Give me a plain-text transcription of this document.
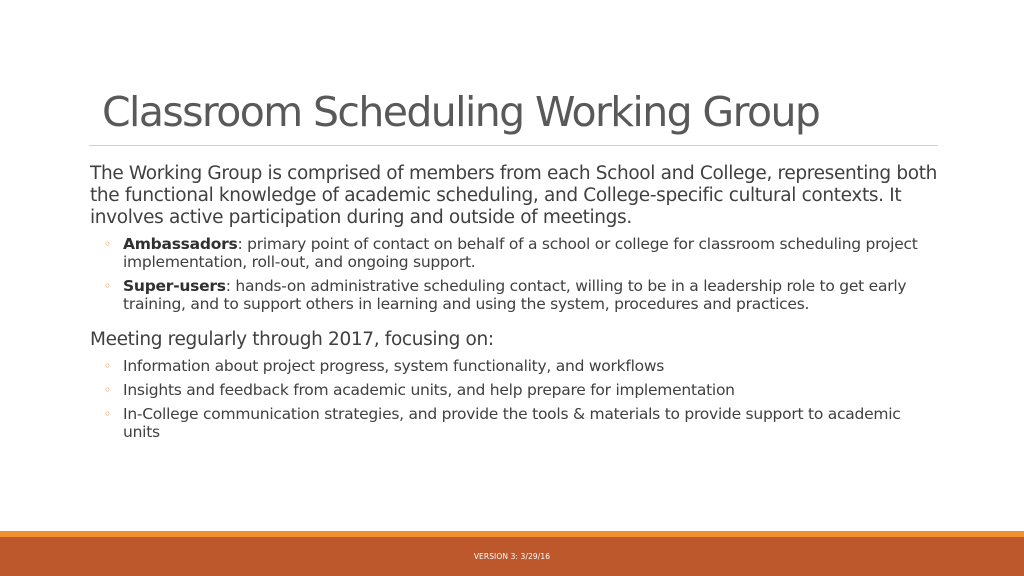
Classroom Scheduling Working Group

The Working Group is comprised of members from each School and College, representing both the functional knowledge of academic scheduling, and College-specific cultural contexts. It involves active participation during and outside of meetings.

◦ Ambassadors: primary point of contact on behalf of a school or college for classroom scheduling project implementation, roll-out, and ongoing support.
◦ Super-users: hands-on administrative scheduling contact, willing to be in a leadership role to get early training, and to support others in learning and using the system, procedures and practices.

Meeting regularly through 2017, focusing on:

◦ Information about project progress, system functionality, and workflows
◦ Insights and feedback from academic units, and help prepare for implementation
◦ In-College communication strategies, and provide the tools & materials to provide support to academic units
VERSION 3: 3/29/16
